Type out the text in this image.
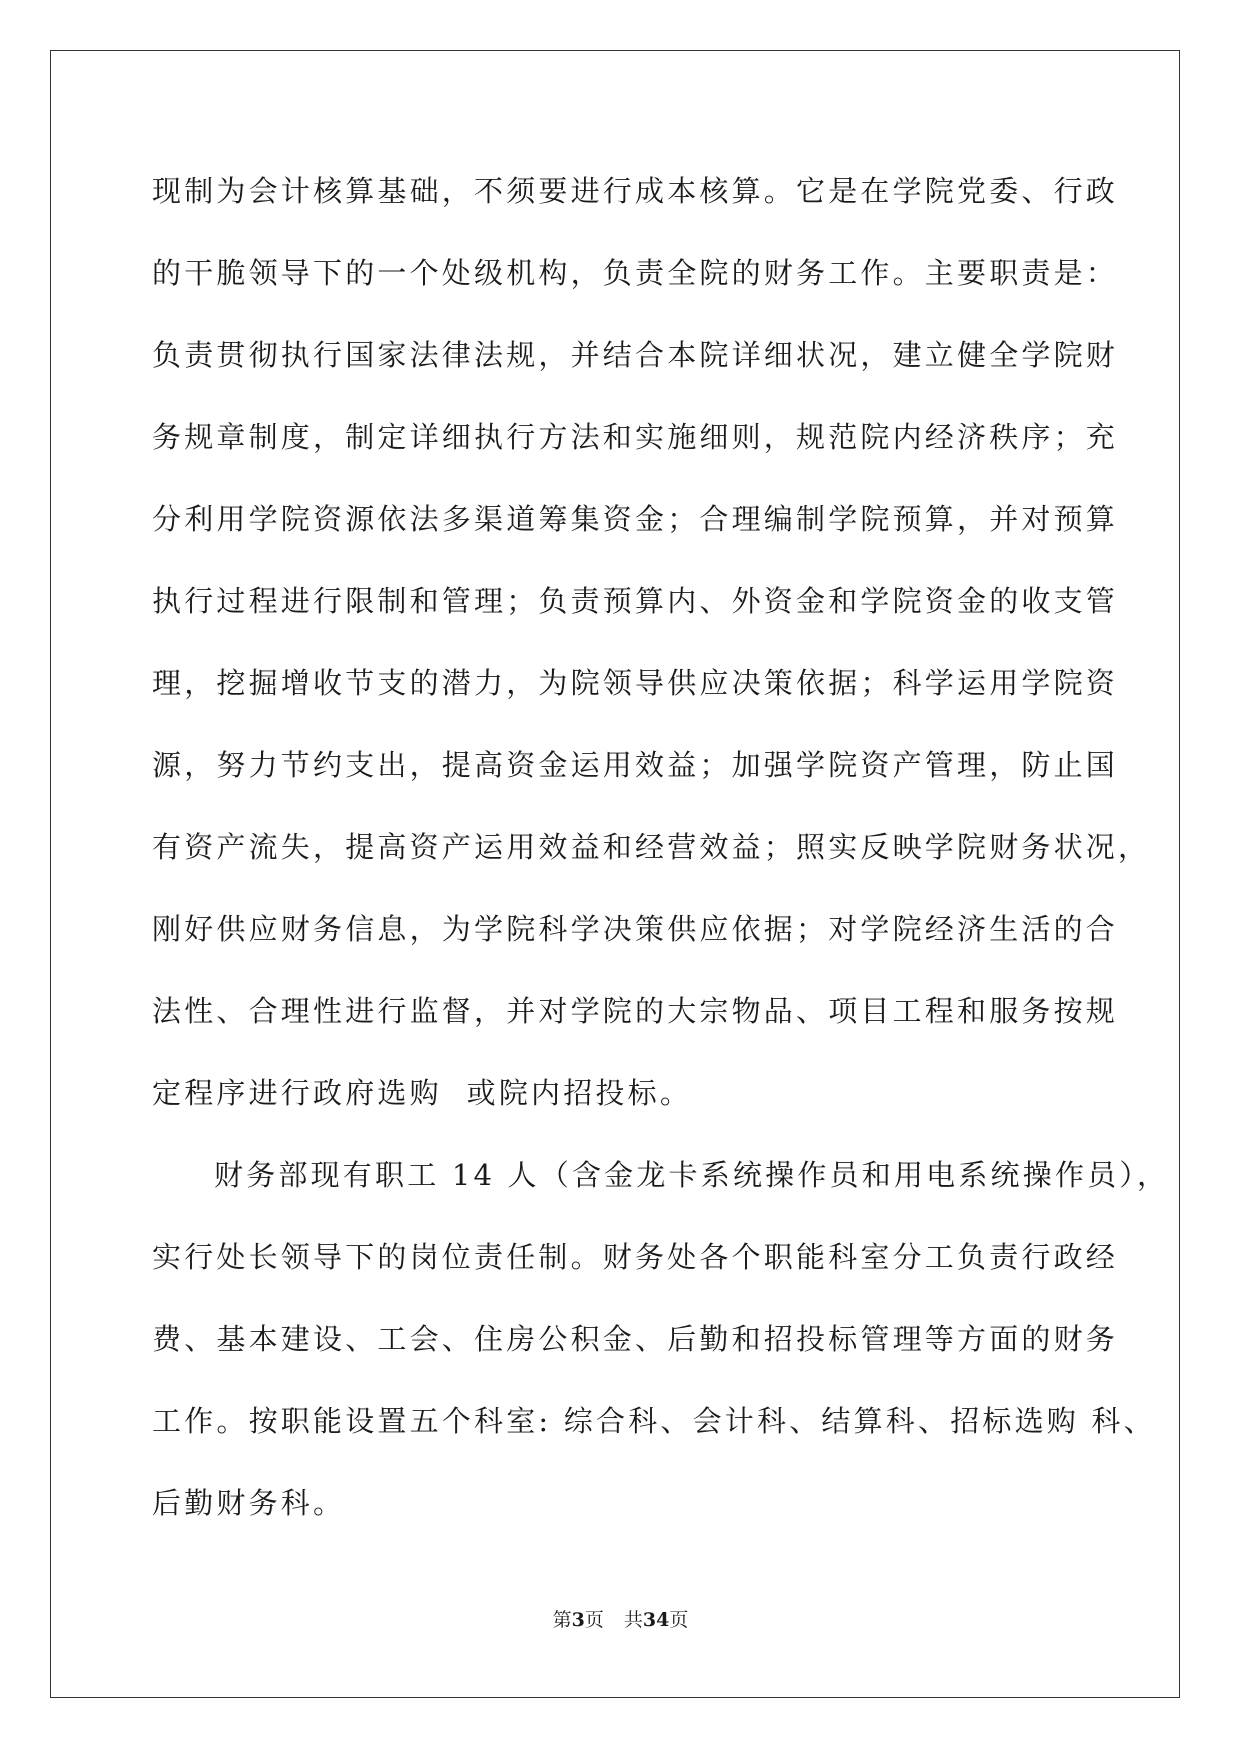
现制为会计核算基础，不须要进行成本核算。它是在学院党委、行政
的干脆领导下的一个处级机构，负责全院的财务工作。主要职责是：
负责贯彻执行国家法律法规，并结合本院详细状况，建立健全学院财
务规章制度，制定详细执行方法和实施细则，规范院内经济秩序；充
分利用学院资源依法多渠道筹集资金；合理编制学院预算，并对预算
执行过程进行限制和管理；负责预算内、外资金和学院资金的收支管
理，挖掘增收节支的潜力，为院领导供应决策依据；科学运用学院资
源，努力节约支出，提高资金运用效益；加强学院资产管理，防止国
有资产流失，提高资产运用效益和经营效益；照实反映学院财务状况，
刚好供应财务信息，为学院科学决策供应依据；对学院经济生活的合
法性、合理性进行监督，并对学院的大宗物品、项目工程和服务按规
定程序进行政府选购  或院内招投标。
财务部现有职工 14 人（含金龙卡系统操作员和用电系统操作员），
实行处长领导下的岗位责任制。财务处各个职能科室分工负责行政经
费、基本建设、工会、住房公积金、后勤和招投标管理等方面的财务
工作。按职能设置五个科室: 综合科、会计科、结算科、招标选购 科、
后勤财务科。
第3页 共34页
